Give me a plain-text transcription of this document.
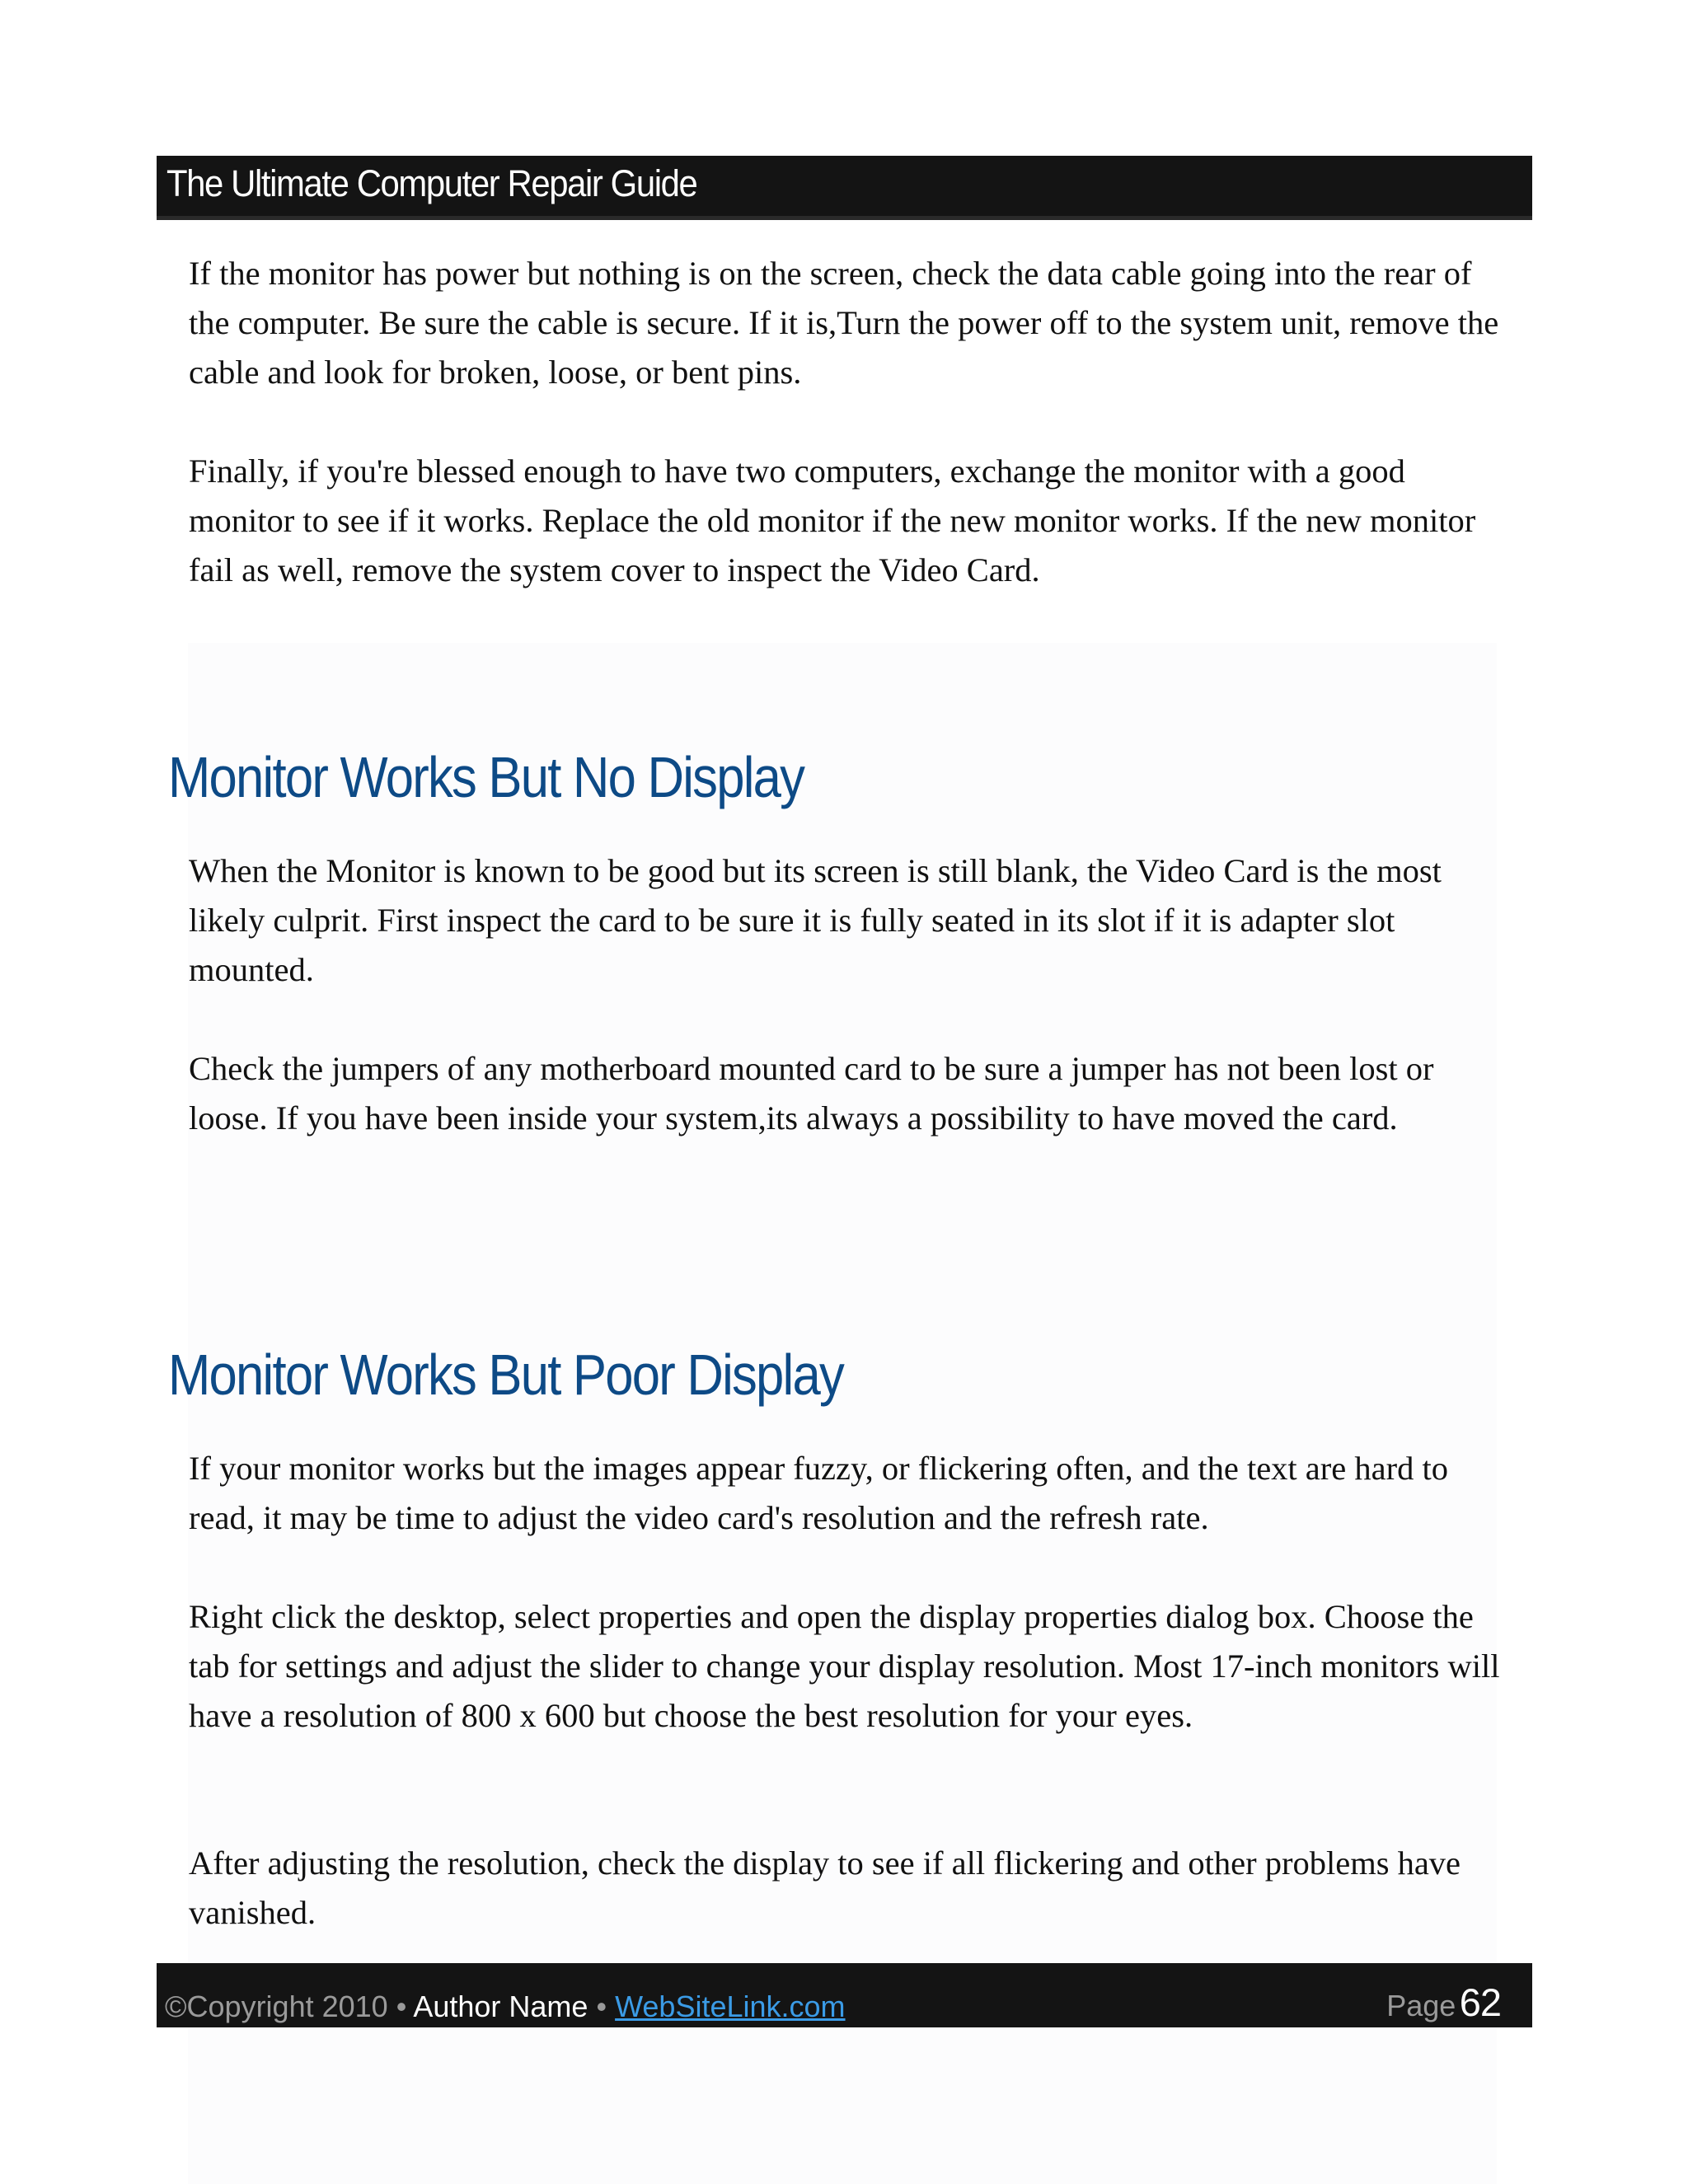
The Ultimate Computer Repair Guide

If the monitor has power but nothing is on the screen, check the data cable going into the rear of the computer. Be sure the cable is secure. If it is,Turn the power off to the system unit, remove the cable and look for broken, loose, or bent pins.

Finally, if you're blessed enough to have two computers, exchange the monitor with a good monitor to see if it works. Replace the old monitor if the new monitor works. If the new monitor fail as well, remove the system cover to inspect the Video Card.

Monitor Works But No Display

When the Monitor is known to be good but its screen is still blank, the Video Card is the most likely culprit. First inspect the card to be sure it is fully seated in its slot if it is adapter slot mounted.

Check the jumpers of any motherboard mounted card to be sure a jumper has not been lost or loose. If you have been inside your system,its always a possibility to have moved the card.

Monitor Works But Poor Display

If your monitor works but the images appear fuzzy, or flickering often, and the text are hard to read, it may be time to adjust the video card's resolution and the refresh rate.

Right click the desktop, select properties and open the display properties dialog box. Choose the tab for settings and adjust the slider to change your display resolution. Most 17-inch monitors will have a resolution of 800 x 600 but choose the best resolution for your eyes.

After adjusting the resolution, check the display to see if all flickering and other problems have vanished.

©Copyright 2010 • Author Name • WebSiteLink.com	Page 62
